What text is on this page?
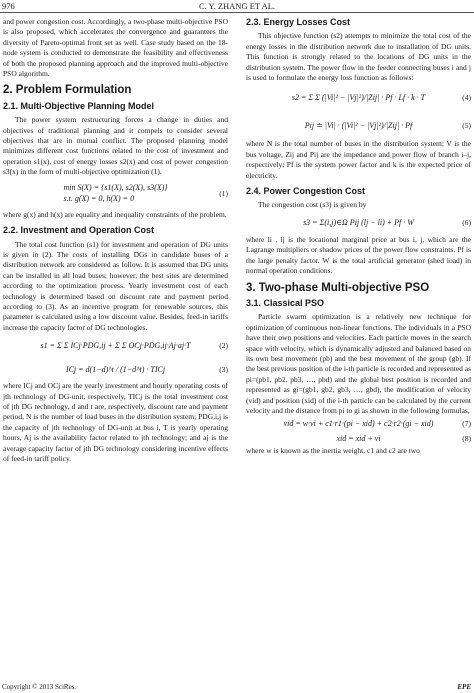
976	C. Y. ZHANG ET AL.

and power congestion cost. Accordingly, a two-phase multi-objective PSO is also proposed, which accelerates the convergence and guarantees the diversity of Pareto-optimal front set as well. Case study based on the 18-node system is conducted to demonstrate the feasibility and effectiveness of both the proposed planning approach and the improved multi-objective PSO algorithm.

2. Problem Formulation
2.1. Multi-Objective Planning Model

The power system restructuring forces a change in duties and objectives of traditional planning and it compels to consider several objectives that are in mutual conflict. The proposed planning model minimizes different cost functions related to the cost of investment and operation s1(x), cost of energy losses s2(x) and cost of power congestion s3(x) in the form of multi-objective optimization (1).

min S(X) = {s1(X), s2(X), s3(X)}
s.t. g(X) = 0, h(X) = 0
(1)

where g(x) and h(x) are equality and inequality constraints of the problem.

2.2. Investment and Operation Cost

The total cost function (s1) for investment and operation of DG units is given in (2). The costs of installing DGs in candidate buses of a distribution network are considered as follow. It is assumed that DG units can be installed in all load buses; however, the best sites are determined according to the optimization process. Yearly investment cost of each technology is determined based on discount rate and payment period according to (3). As an incentive program for renewable sources, this parameter is calculated using a low discount value. Besides, feed-in tariffs increase the capacity factor of DG technologies.

s1 = Σ Σ ICj·PDG,ij + Σ Σ OCj·PDG,ij·Aj·aj·T	(2)
ICj = d(1−d)^t / (1−d^t) · TICj	(3)

where ICj and OCj are the yearly investment and hourly operating costs of jth technology of DG-unit, respectively, TICj is the total investment cost of jth DG technology, d and t are, respectively, discount rate and payment period, N is the number of load buses in the distribution system; PDG,i,j is the capacity of jth technology of DG-unit at bus i, T is yearly operating hours, Aj is the availability factor related to jth technology; and aj is the average capacity factor of jth DG technology considering incentive effects of feed-in tariff policy.

2.3. Energy Losses Cost

This objective function (s2) attempts to minimize the total cost of the energy losses in the distribution network due to installation of DG units. This function is strongly related to the locations of DG units in the distribution system. The power flow in the feeder connecting buses i and j is used to formulate the energy loss function as follows:

s2 = Σ Σ (|Vi|² − |Vj|²)/|Zij| · Pf · Lf · k · T	(4)
Pij ≐ |Vi| · (|Vi|² − |Vj|²)/|Zij| · Pf	(5)

where N is the total number of buses in the distribution system; V is the bus voltage, Zij and Pij are the impedance and power flow of branch i–j, respectively; Pf is the system power factor and k is the expected price of electricity.

2.4. Power Congestion Cost

The congestion cost (s3) is given by

s3 = Σ(i,j)∈Ω Pij (lj − li) + Pf · W	(6)

where li , lj is the locational marginal price at bus i, j, which are the Lagrange multipliers or shadow prices of the power flow constraints. Pf is the large penalty factor. W is the total artificial generator (shed load) in normal operation conditions.

3. Two-phase Multi-objective PSO
3.1. Classical PSO

Particle swarm optimization is a relatively new technique for optimization of continuous non-linear functions. The individuals in a PSO have their own positions and velocities. Each particle moves in the search space with velocity, which is dynamically adjusted and balanced based on its own best movement (pb) and the best movement of the group (gb). If the best previous position of the i-th particle is recorded and represented as pi=(pb1, pb2, pb3, …, pbd) and the global best position is recorded and represented as gi=(gb1, gb2, gb3, …, gbd), the modification of velocity (vid) and position (xid) of the i-th particle can be calculated by the current velocity and the distance from pi to gi as shown in the following formulas,

vid = w·vi + c1·r1·(pi − xid) + c2·r2·(gi − xid)	(7)
xid = xid + vi	(8)

where w is known as the inertia weight, c1 and c2 are two

Copyright © 2013 SciRes.	EPE
